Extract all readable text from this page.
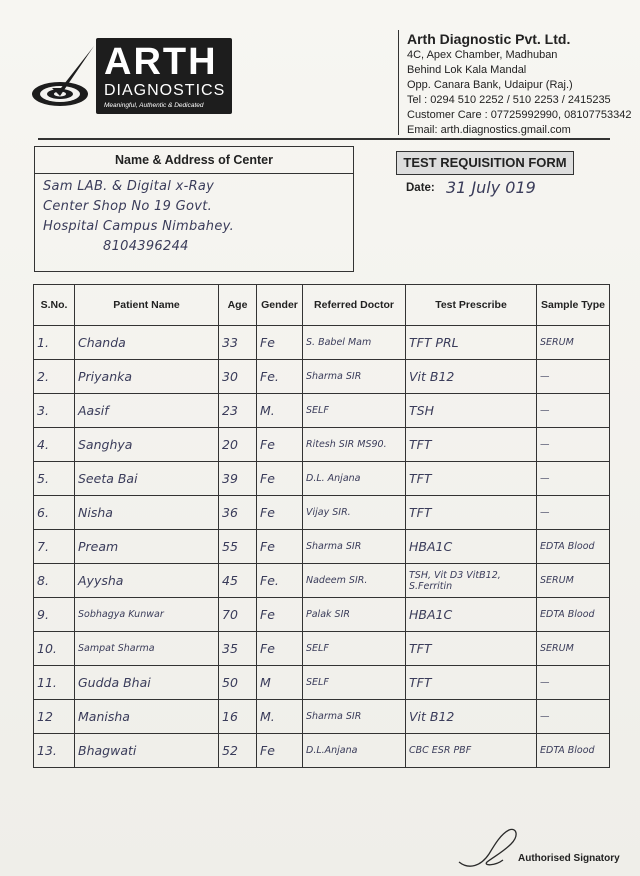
ARTH
DIAGNOSTICS
Meaningful, Authentic & Dedicated
Arth Diagnostic Pvt. Ltd.
4C, Apex Chamber, Madhuban
Behind Lok Kala Mandal
Opp. Canara Bank, Udaipur (Raj.)
Tel : 0294 510 2252 / 510 2253 / 2415235
Customer Care : 07725992990, 08107753342
Email: arth.diagnostics.gmail.com
Name & Address of Center
Sam LAB. & Digital x-Ray
Center Shop No 19 Govt.
Hospital Campus Nimbahey.
8104396244
TEST REQUISITION FORM
Date: 31 July 019
S.No.	Patient Name	Age	Gender	Referred Doctor	Test Prescribe	Sample Type
1.	Chanda	33	Fe	S. Babel Mam	TFT PRL	SERUM
2.	Priyanka	30	Fe.	Sharma SIR	Vit B12	—
3.	Aasif	23	M.	SELF	TSH	—
4.	Sanghya	20	Fe	Ritesh SIR MS90.	TFT	—
5.	Seeta Bai	39	Fe	D.L. Anjana	TFT	—
6.	Nisha	36	Fe	Vijay SIR.	TFT	—
7.	Pream	55	Fe	Sharma SIR	HBA1C	EDTA Blood
8.	Ayysha	45	Fe.	Nadeem SIR.	TSH, Vit D3 VitB12, S.Ferritin	SERUM
9.	Sobhagya Kunwar	70	Fe	Palak SIR	HBA1C	EDTA Blood
10.	Sampat Sharma	35	Fe	SELF	TFT	SERUM
11.	Gudda Bhai	50	M	SELF	TFT	—
12	Manisha	16	M.	Sharma SIR	Vit B12	—
13.	Bhagwati	52	Fe	D.L.Anjana	CBC ESR PBF	EDTA Blood
Authorised Signatory
